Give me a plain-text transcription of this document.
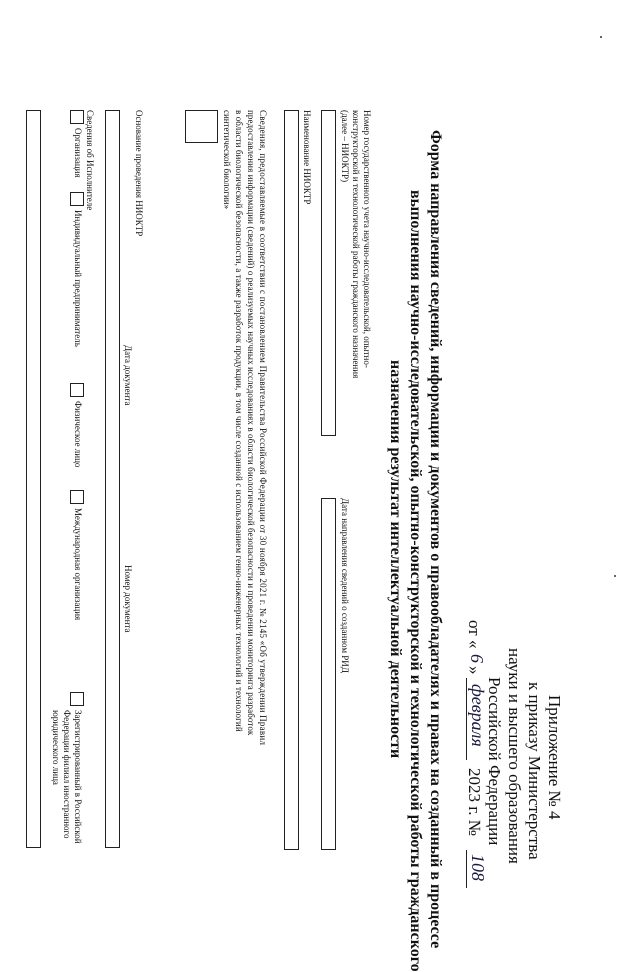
Приложение № 4
к приказу Министерства
науки и высшего образования
Российской Федерации
от «
6
»
февраля
2023 г. №
108
Форма направления сведений, информации и документов о правообладателях и правах на созданный в процессе
выполнения научно-исследовательской, опытно-конструкторской и технологической работы гражданского
назначения результат интеллектуальной деятельности
Номер государственного учета научно-исследовательской, опытно-
конструкторской и технологической работы гражданского назначения
(далее – НИОКТР)
Дата направления сведений о созданном РИД
Наименование НИОКТР
Сведения, предоставляемые в соответствии с постановлением Правительства Российской Федерации от 30 ноября 2021 г. № 2145 «Об утверждении Правил
предоставления информации (сведений) о реализуемых научных исследованиях в области биологической безопасности и проведении мониторинга разработок
в области биологической безопасности, а также разработок продукции, в том числе созданной с использованием генно-инженерных технологий и технологий
синтетической биологии»
Основание проведения НИОКТР
Дата документа
Номер документа
Сведения об Исполнителе
Организация
Индивидуальный предприниматель
Физическое лицо
Международная организация
Зарегистрированный в Российской
Федерации филиал иностранного
юридического лица
